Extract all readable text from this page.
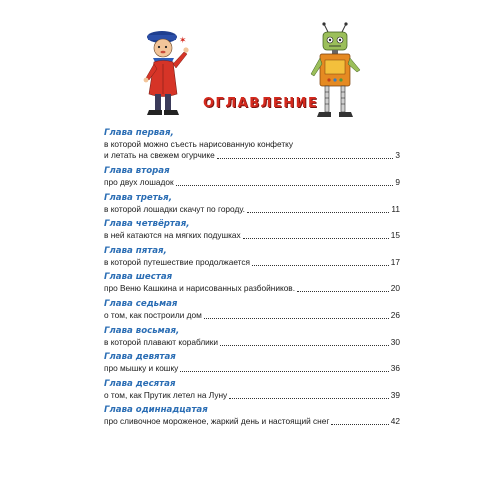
✶
ОГЛАВЛЕНИЕ
Глава первая,
в которой можно съесть нарисованную конфетку
и летать на свежем огурчике	3
Глава вторая
про двух лошадок	9
Глава третья,
в которой лошадки скачут по городу.	11
Глава четвёртая,
в ней катаются на мягких подушках	15
Глава пятая,
в которой путешествие продолжается	17
Глава шестая
про Веню Кашкина и нарисованных разбойников.	20
Глава седьмая
о том, как построили дом	26
Глава восьмая,
в которой плавают кораблики	30
Глава девятая
про мышку и кошку	36
Глава десятая
о том, как Прутик летел на Луну	39
Глава одиннадцатая
про сливочное мороженое, жаркий день и настоящий снег	42
